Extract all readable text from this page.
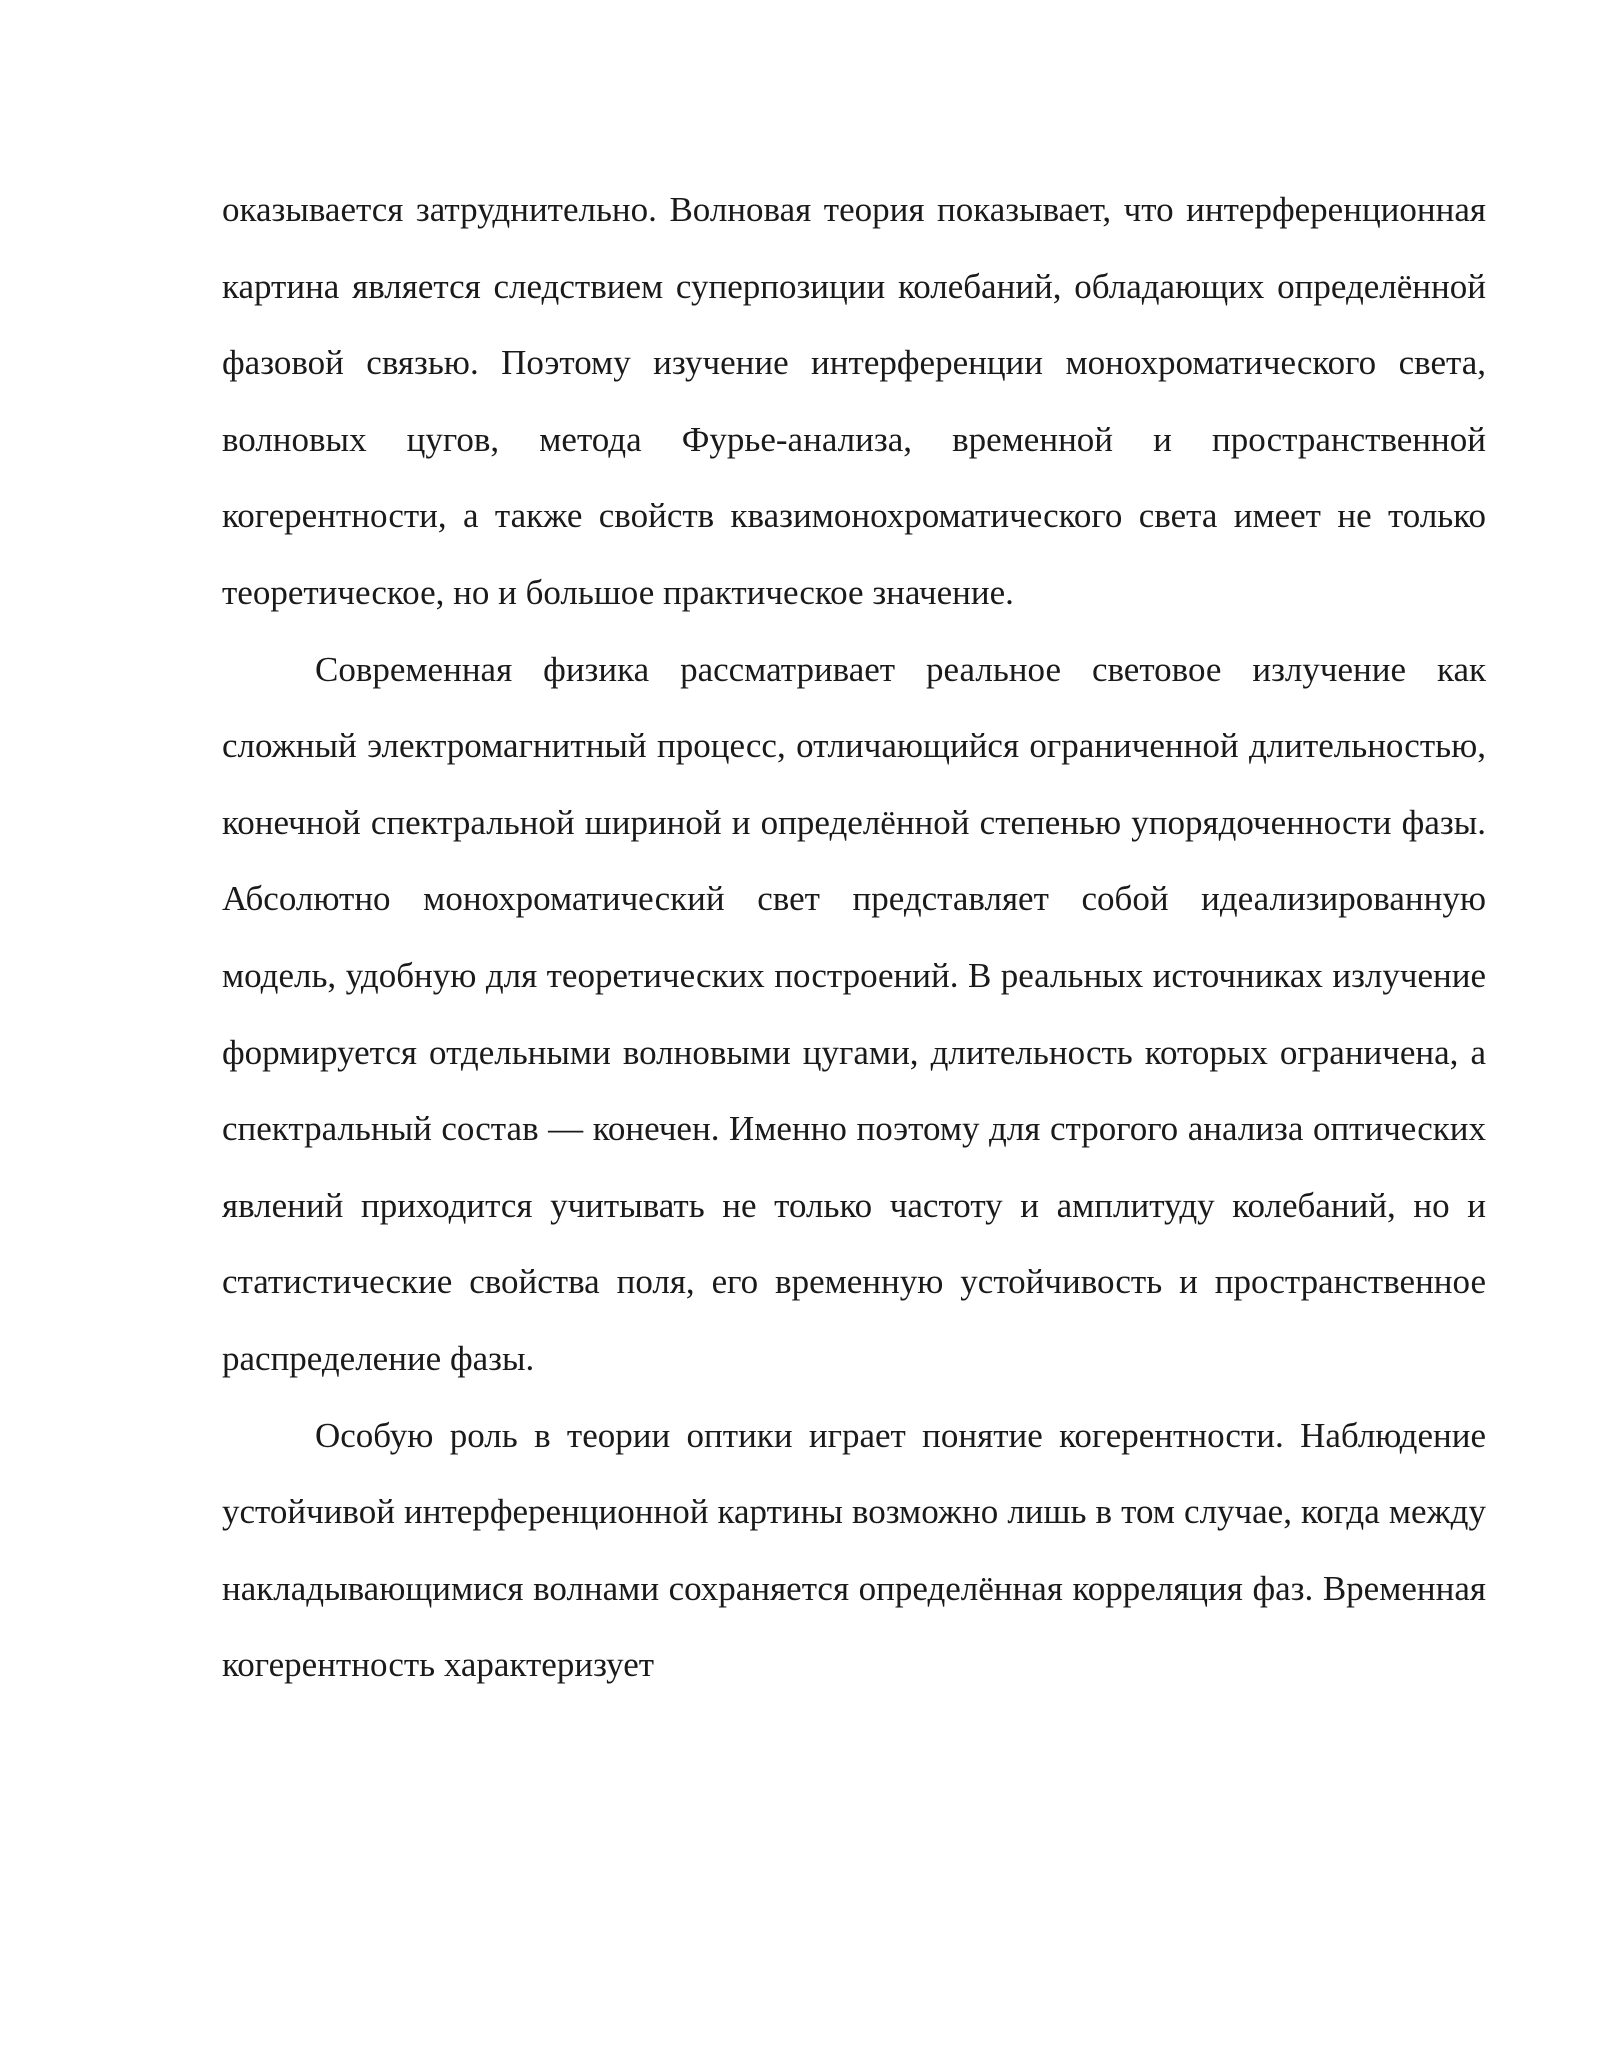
оказывается затруднительно. Волновая теория показывает, что интерференционная картина является следствием суперпозиции колебаний, обладающих определённой фазовой связью. Поэтому изучение интерференции монохроматического света, волновых цугов, метода Фурье-анализа, временной и пространственной когерентности, а также свойств квазимонохроматического света имеет не только теоретическое, но и большое практическое значение.

Современная физика рассматривает реальное световое излучение как сложный электромагнитный процесс, отличающийся ограниченной длительностью, конечной спектральной шириной и определённой степенью упорядоченности фазы. Абсолютно монохроматический свет представляет собой идеализированную модель, удобную для теоретических построений. В реальных источниках излучение формируется отдельными волновыми цугами, длительность которых ограничена, а спектральный состав — конечен. Именно поэтому для строгого анализа оптических явлений приходится учитывать не только частоту и амплитуду колебаний, но и статистические свойства поля, его временную устойчивость и пространственное распределение фазы.

Особую роль в теории оптики играет понятие когерентности. Наблюдение устойчивой интерференционной картины возможно лишь в том случае, когда между накладывающимися волнами сохраняется определённая корреляция фаз. Временная когерентность характеризует
